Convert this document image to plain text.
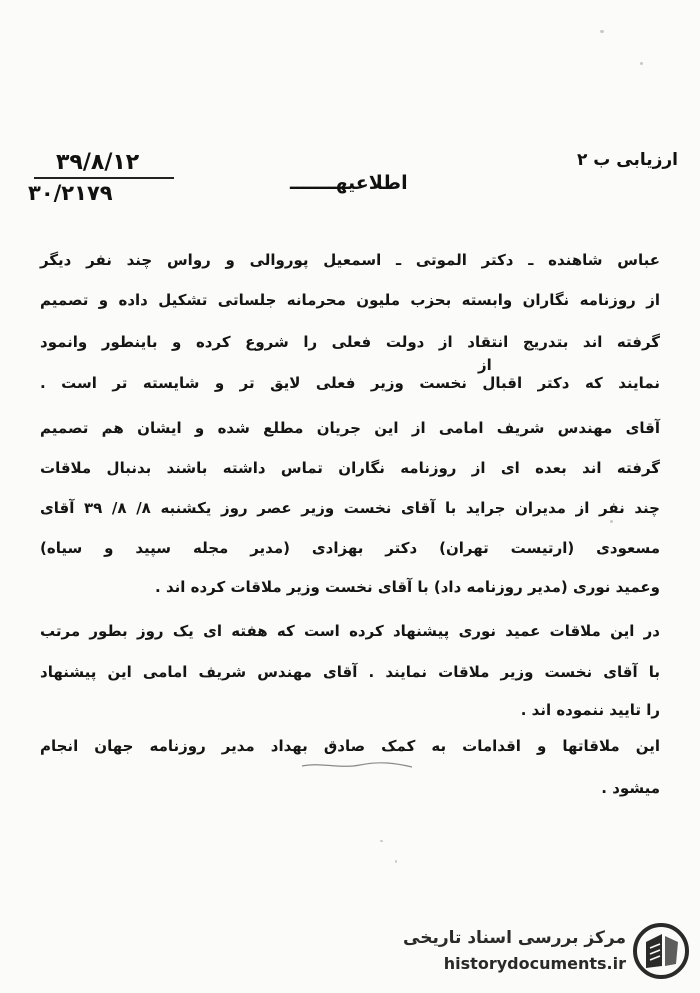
۳۹/۸/۱۲
۳۰/۲۱۷۹
ارزیابی ب ۲
اطلاعیهـــــــ
عباس شاهنده ـ دکتر الموتی ـ اسمعیل پوروالی و رواس چند نفر دیگر
از روزنامه نگاران وابسته بحزب ملیون محرمانه جلساتی تشکیل داده و تصمیم
گرفته اند بتدریج انتقاد از دولت فعلی را شروع کرده و باینطور وانمود
از
نمایند که دکتر اقبال نخست وزیر فعلی لایق تر و شایسته تر است .
آقای مهندس شریف امامی از این جریان مطلع شده و ایشان هم تصمیم
گرفته اند بعده ای از روزنامه نگاران تماس داشته باشند بدنبال ملاقات
چند نفر از مدیران جراید با آقای نخست وزیر عصر روز یکشنبه ۸/ ۸/ ۳۹ آقای
مسعودی (ارتیست تهران) دکتر بهزادی (مدیر مجله سپید و سیاه)
وعمید نوری (مدیر روزنامه داد) با آقای نخست وزیر ملاقات کرده اند .
در این ملاقات عمید نوری پیشنهاد کرده است که هفته ای یک روز بطور مرتب
با آقای نخست وزیر ملاقات نمایند . آقای مهندس شریف امامی این پیشنهاد
را تایید ننموده اند .
این ملاقاتها و اقدامات به کمک صادق بهداد مدیر روزنامه جهان انجام
میشود .
مرکز بررسی اسناد تاریخی
historydocuments.ir
